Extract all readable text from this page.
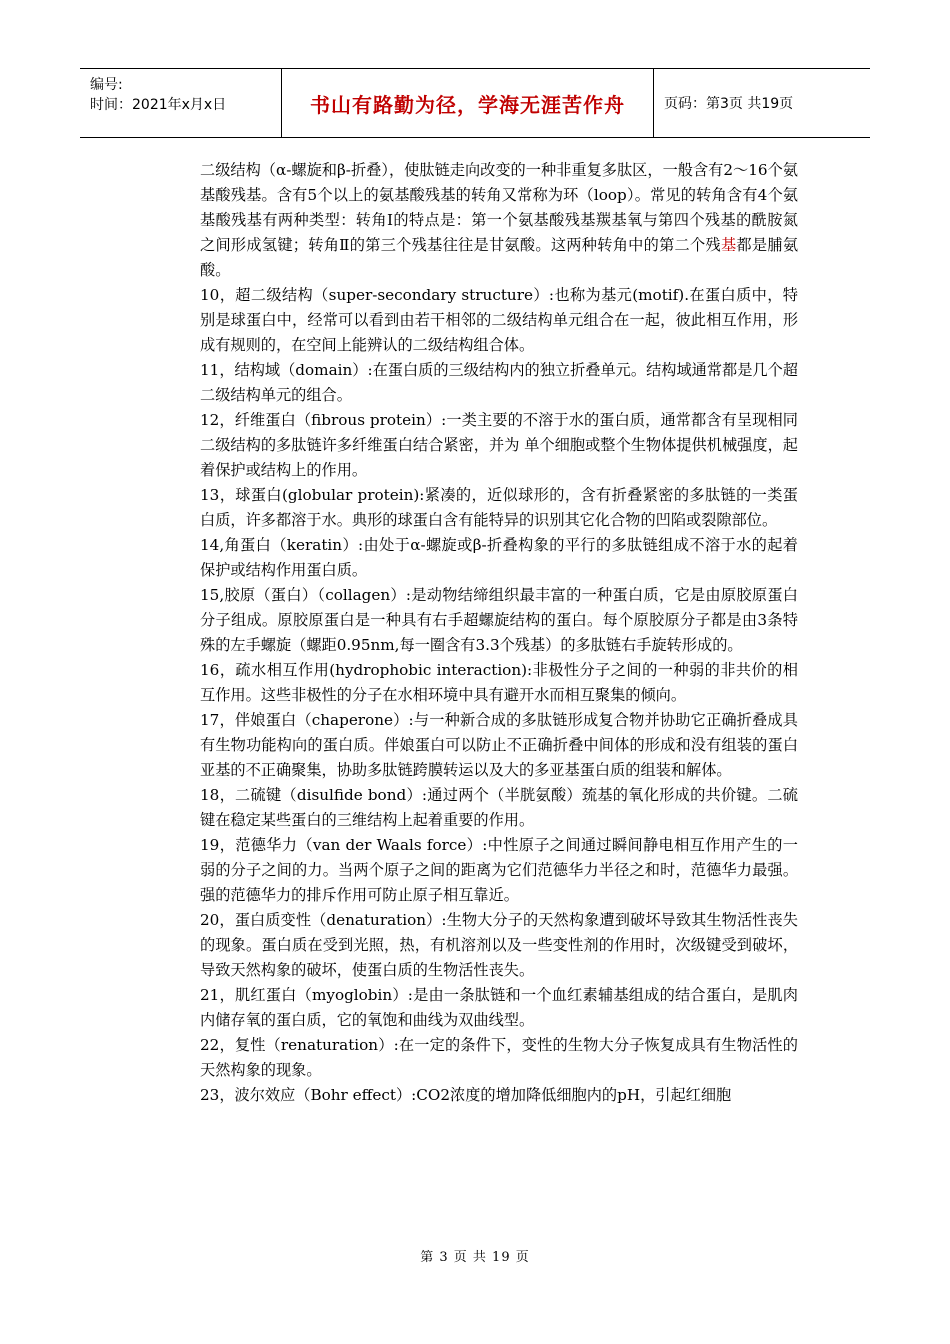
编号:
时间：2021年x月x日	书山有路勤为径，学海无涯苦作舟	页码：第3页 共19页

二级结构（α-螺旋和β-折叠），使肽链走向改变的一种非重复多肽区，一般含有2～16个氨基酸残基。含有5个以上的氨基酸残基的转角又常称为环（loop）。常见的转角含有4个氨基酸残基有两种类型：转角I的特点是：第一个氨基酸残基羰基氧与第四个残基的酰胺氮之间形成氢键；转角Ⅱ的第三个残基往往是甘氨酸。这两种转角中的第二个残基都是脯氨酸。

10，超二级结构（super-secondary structure）:也称为基元(motif).在蛋白质中，特别是球蛋白中，经常可以看到由若干相邻的二级结构单元组合在一起，彼此相互作用，形成有规则的，在空间上能辨认的二级结构组合体。

11，结构域（domain）:在蛋白质的三级结构内的独立折叠单元。结构域通常都是几个超二级结构单元的组合。

12，纤维蛋白（fibrous protein）:一类主要的不溶于水的蛋白质，通常都含有呈现相同二级结构的多肽链许多纤维蛋白结合紧密，并为 单个细胞或整个生物体提供机械强度，起着保护或结构上的作用。

13，球蛋白(globular protein):紧凑的，近似球形的，含有折叠紧密的多肽链的一类蛋白质，许多都溶于水。典形的球蛋白含有能特异的识别其它化合物的凹陷或裂隙部位。

14,角蛋白（keratin）:由处于α-螺旋或β-折叠构象的平行的多肽链组成不溶于水的起着保护或结构作用蛋白质。

15,胶原（蛋白）（collagen）:是动物结缔组织最丰富的一种蛋白质，它是由原胶原蛋白分子组成。原胶原蛋白是一种具有右手超螺旋结构的蛋白。每个原胶原分子都是由3条特殊的左手螺旋（螺距0.95nm,每一圈含有3.3个残基）的多肽链右手旋转形成的。

16，疏水相互作用(hydrophobic interaction):非极性分子之间的一种弱的非共价的相互作用。这些非极性的分子在水相环境中具有避开水而相互聚集的倾向。

17，伴娘蛋白（chaperone）:与一种新合成的多肽链形成复合物并协助它正确折叠成具有生物功能构向的蛋白质。伴娘蛋白可以防止不正确折叠中间体的形成和没有组装的蛋白亚基的不正确聚集，协助多肽链跨膜转运以及大的多亚基蛋白质的组装和解体。

18，二硫键（disulfide bond）:通过两个（半胱氨酸）巯基的氧化形成的共价键。二硫键在稳定某些蛋白的三维结构上起着重要的作用。

19，范德华力（van der Waals force）:中性原子之间通过瞬间静电相互作用产生的一弱的分子之间的力。当两个原子之间的距离为它们范德华力半径之和时，范德华力最强。强的范德华力的排斥作用可防止原子相互靠近。

20，蛋白质变性（denaturation）:生物大分子的天然构象遭到破坏导致其生物活性丧失的现象。蛋白质在受到光照，热，有机溶剂以及一些变性剂的作用时，次级键受到破坏，导致天然构象的破坏，使蛋白质的生物活性丧失。

21，肌红蛋白（myoglobin）:是由一条肽链和一个血红素辅基组成的结合蛋白，是肌肉内储存氧的蛋白质，它的氧饱和曲线为双曲线型。

22，复性（renaturation）:在一定的条件下，变性的生物大分子恢复成具有生物活性的天然构象的现象。

23，波尔效应（Bohr effect）:CO2浓度的增加降低细胞内的pH，引起红细胞

第 3 页 共 19 页
